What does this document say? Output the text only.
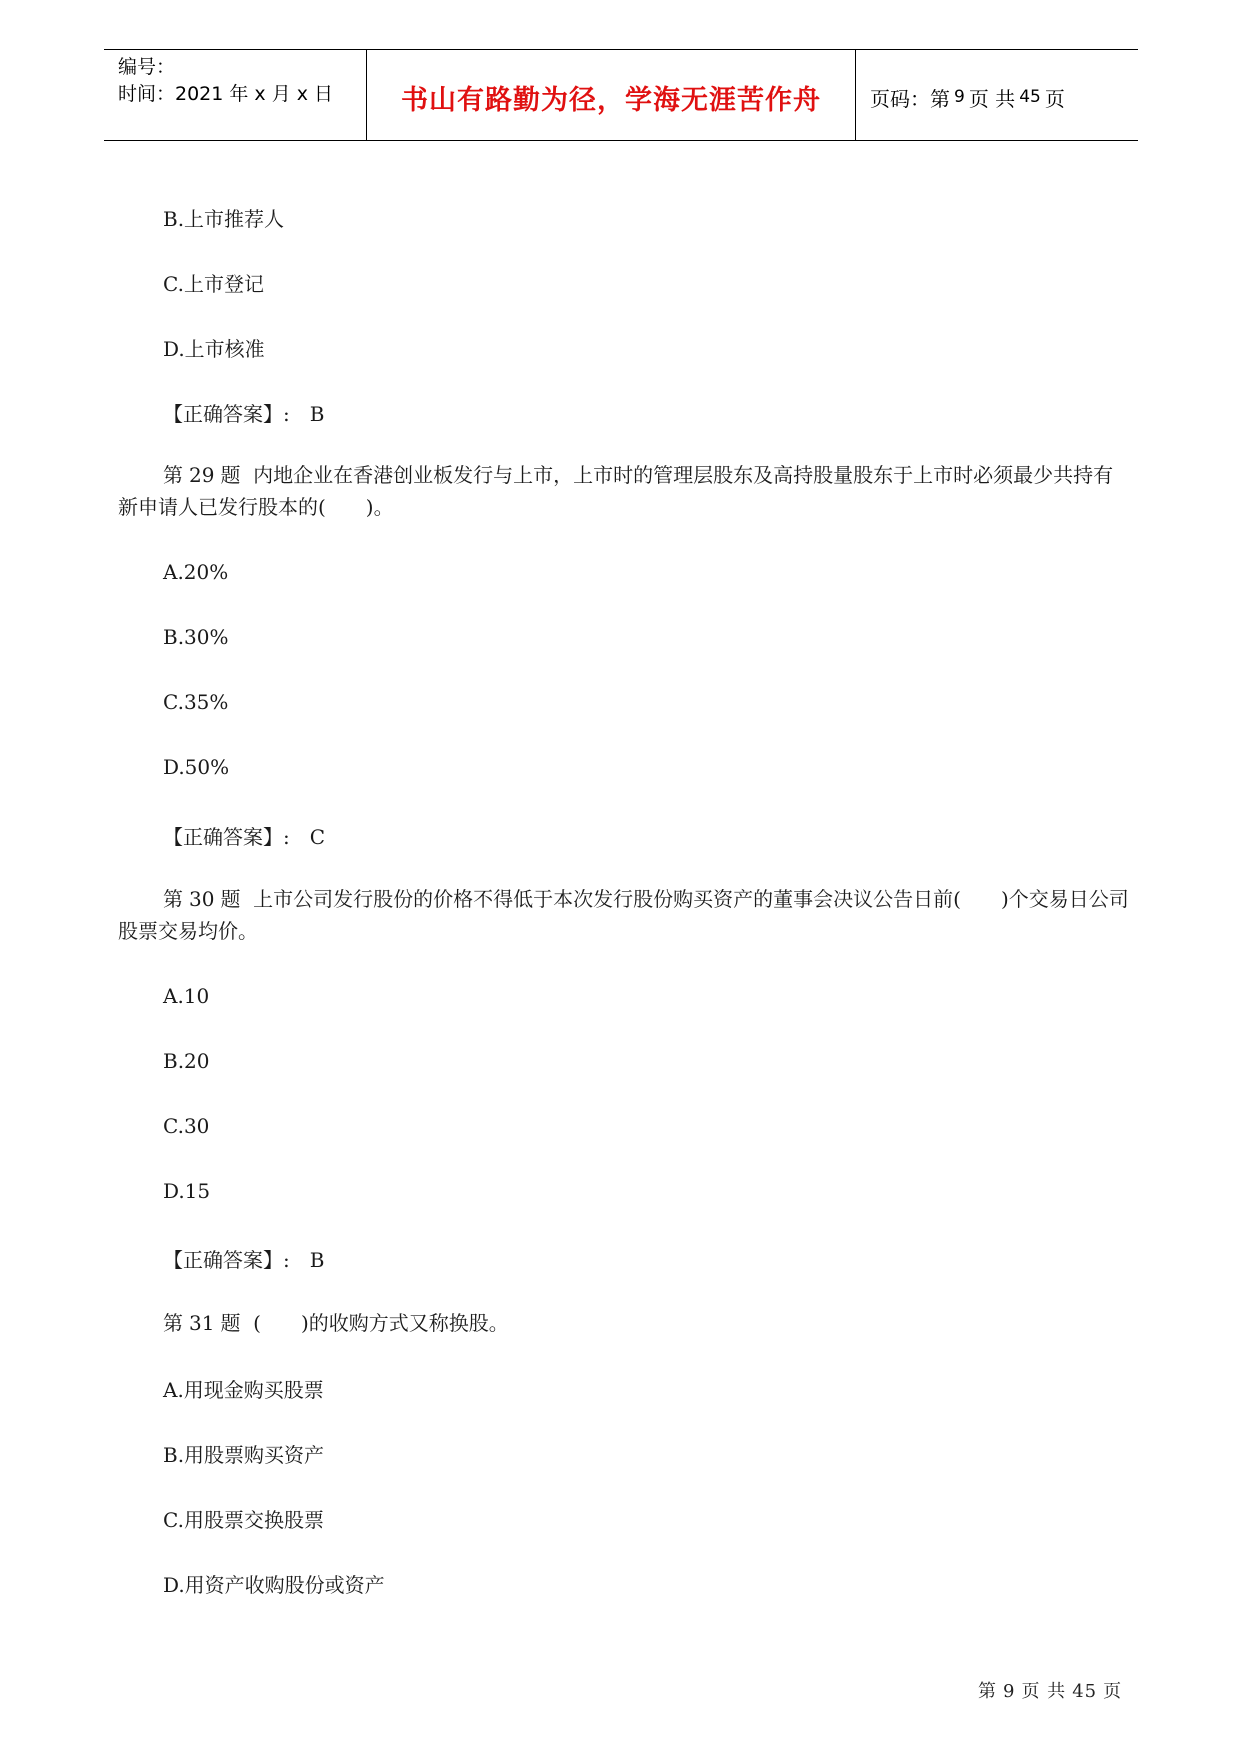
编号：
时间：2021 年 x 月 x 日	书山有路勤为径，学海无涯苦作舟	页码：第 9 页 共 45 页
B.上市推荐人
C.上市登记
D.上市核准
【正确答案】: B
第 29 题 内地企业在香港创业板发行与上市，上市时的管理层股东及高持股量股东于上市时必须最少共持有新申请人已发行股本的(　　)。
A.20%
B.30%
C.35%
D.50%
【正确答案】: C
第 30 题 上市公司发行股份的价格不得低于本次发行股份购买资产的董事会决议公告日前(　　)个交易日公司股票交易均价。
A.10
B.20
C.30
D.15
【正确答案】: B
第 31 题 (　　)的收购方式又称换股。
A.用现金购买股票
B.用股票购买资产
C.用股票交换股票
D.用资产收购股份或资产
第 9 页 共 45 页
